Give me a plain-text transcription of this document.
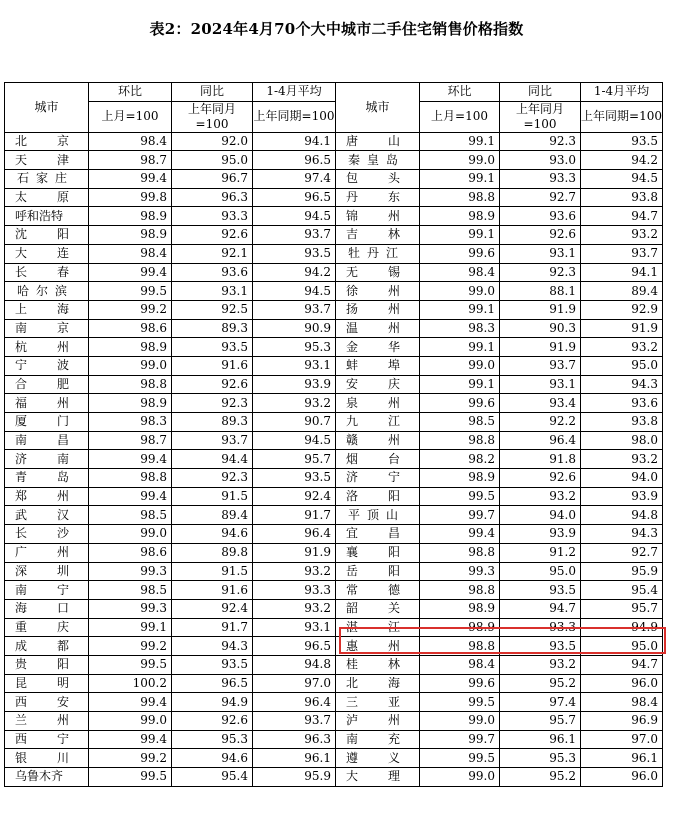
表2：2024年4月70个大中城市二手住宅销售价格指数
城市	环比	同比	1-4月平均	城市	环比	同比	1-4月平均
	上月=100	上年同月=100	上年同期=100		上月=100	上年同月=100	上年同期=100

北京	98.4	92.0	94.1	唐山	99.1	92.3	93.5

天津	98.7	95.0	96.5	秦皇岛	99.0	93.0	94.2

石家庄	99.4	96.7	97.4	包头	99.1	93.3	94.5

太原	99.8	96.3	96.5	丹东	98.8	92.7	93.8

呼和浩特	98.9	93.3	94.5	锦州	98.9	93.6	94.7

沈阳	98.9	92.6	93.7	吉林	99.1	92.6	93.2

大连	98.4	92.1	93.5	牡丹江	99.6	93.1	93.7

长春	99.4	93.6	94.2	无锡	98.4	92.3	94.1

哈尔滨	99.5	93.1	94.5	徐州	99.0	88.1	89.4

上海	99.2	92.5	93.7	扬州	99.1	91.9	92.9

南京	98.6	89.3	90.9	温州	98.3	90.3	91.9

杭州	98.9	93.5	95.3	金华	99.1	91.9	93.2

宁波	99.0	91.6	93.1	蚌埠	99.0	93.7	95.0

合肥	98.8	92.6	93.9	安庆	99.1	93.1	94.3

福州	98.9	92.3	93.2	泉州	99.6	93.4	93.6

厦门	98.3	89.3	90.7	九江	98.5	92.2	93.8

南昌	98.7	93.7	94.5	赣州	98.8	96.4	98.0

济南	99.4	94.4	95.7	烟台	98.2	91.8	93.2

青岛	98.8	92.3	93.5	济宁	98.9	92.6	94.0

郑州	99.4	91.5	92.4	洛阳	99.5	93.2	93.9

武汉	98.5	89.4	91.7	平顶山	99.7	94.0	94.8

长沙	99.0	94.6	96.4	宜昌	99.4	93.9	94.3

广州	98.6	89.8	91.9	襄阳	98.8	91.2	92.7

深圳	99.3	91.5	93.2	岳阳	99.3	95.0	95.9

南宁	98.5	91.6	93.3	常德	98.8	93.5	95.4

海口	99.3	92.4	93.2	韶关	98.9	94.7	95.7

重庆	99.1	91.7	93.1	湛江	98.9	93.3	94.9

成都	99.2	94.3	96.5	惠州	98.8	93.5	95.0

贵阳	99.5	93.5	94.8	桂林	98.4	93.2	94.7

昆明	100.2	96.5	97.0	北海	99.6	95.2	96.0

西安	99.4	94.9	96.4	三亚	99.5	97.4	98.4

兰州	99.0	92.6	93.7	泸州	99.0	95.7	96.9

西宁	99.4	95.3	96.3	南充	99.7	96.1	97.0

银川	99.2	94.6	96.1	遵义	99.5	95.3	96.1

乌鲁木齐	99.5	95.4	95.9	大理	99.0	95.2	96.0
